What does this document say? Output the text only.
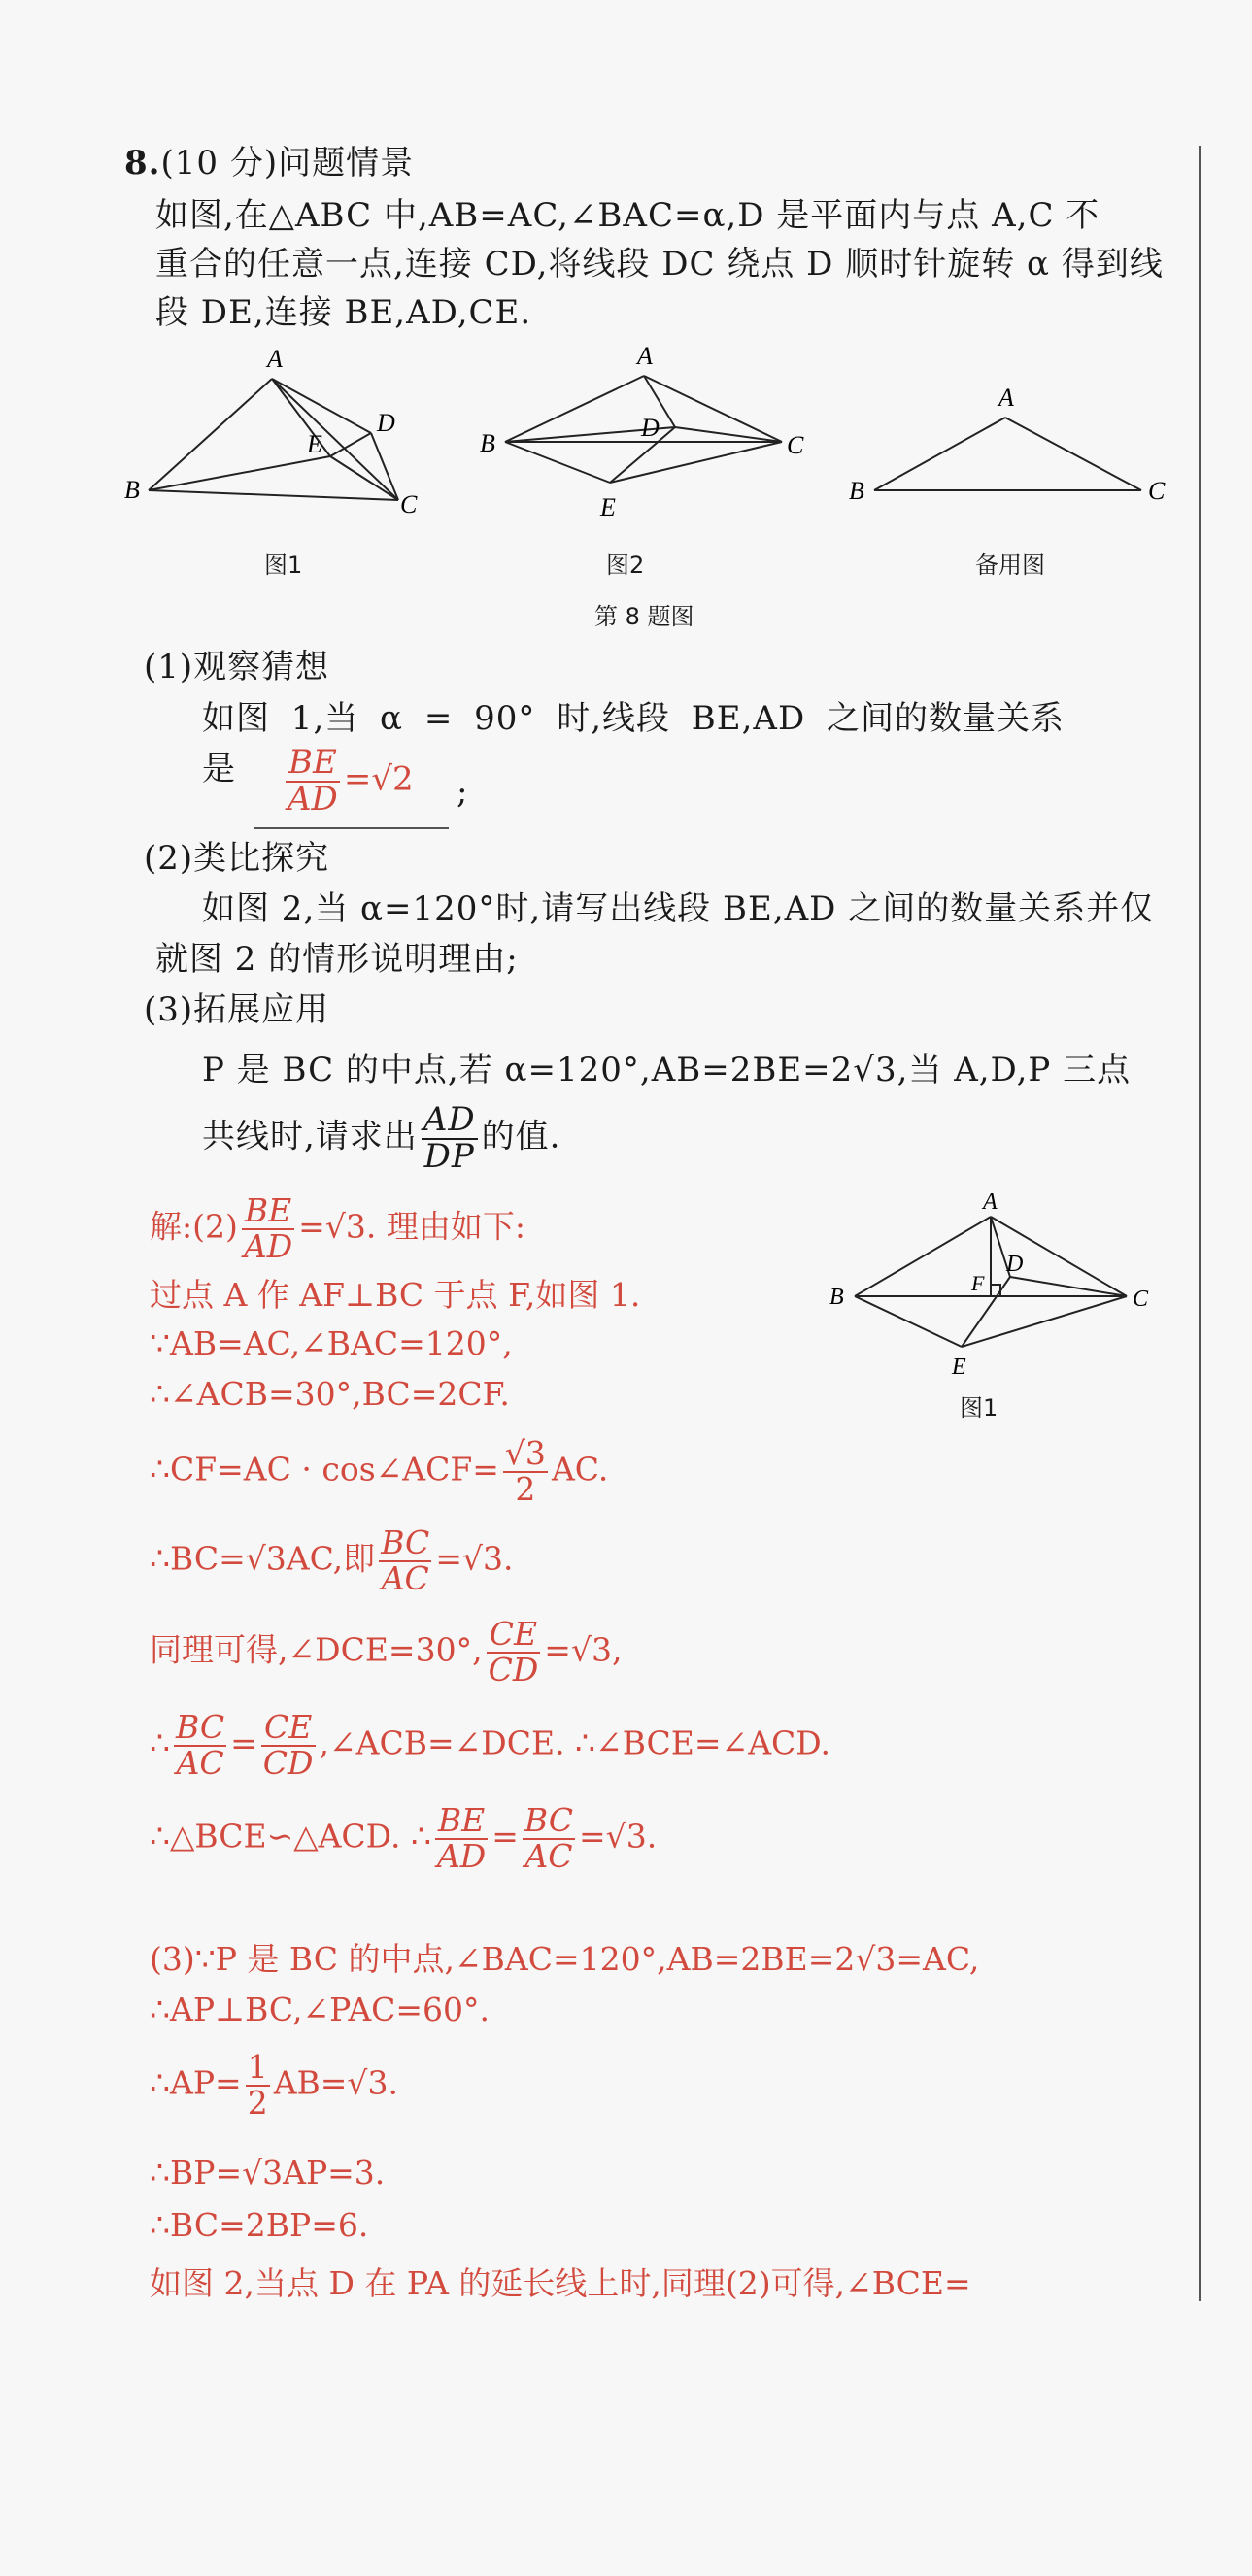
8.(10 分)问题情景
如图,在△ABC 中,AB=AC,∠BAC=α,D 是平面内与点 A,C 不
重合的任意一点,连接 CD,将线段 DC 绕点 D 顺时针旋转 α 得到线
段 DE,连接 BE,AD,CE.
A
B
C
D
E
图1
A
B	C
D
E
图2
A
B	C
备用图
第 8 题图
(1)观察猜想
如图 1,当 α = 90° 时,线段 BE,AD 之间的数量关系
是 $\frac{BE}{AD} =√2$ ;
(2)类比探究
如图 2,当 α=120°时,请写出线段 BE,AD 之间的数量关系并仅
就图 2 的情形说明理由;
(3)拓展应用
P 是 BC 的中点,若 α=120°,AB=2BE=2√3,当 A,D,P 三点
共线时,请求出 $\frac{AD}{DP}$ 的值.
解:(2) $\frac{BE}{AD} =√3$. 理由如下:
过点 A 作 AF⊥BC 于点 F,如图 1.
∵AB=AC,∠BAC=120°,
∴∠ACB=30°,BC=2CF.
∴CF=AC · cos∠ACF= $\frac{√3}{2}$ AC.
∴BC=√3AC,即 $\frac{BC}{AC} =√3$.
同理可得,∠DCE=30°, $\frac{CE}{CD} =√3$,
∴ $\frac{BC}{AC} = \frac{CE}{CD}$ ,∠ACB=∠DCE. ∴∠BCE=∠ACD.
∴△BCE∽△ACD. ∴ $\frac{BE}{AD} = \frac{BC}{AC} =√3$.
(3)∵P 是 BC 的中点,∠BAC=120°,AB=2BE=2√3=AC,
∴AP⊥BC,∠PAC=60°.
∴AP= $\frac{1}{2} AB=√3$.
∴BP=√3AP=3.
∴BC=2BP=6.
如图 2,当点 D 在 PA 的延长线上时,同理(2)可得,∠BCE=
A
B	C
D
E
F
图1
